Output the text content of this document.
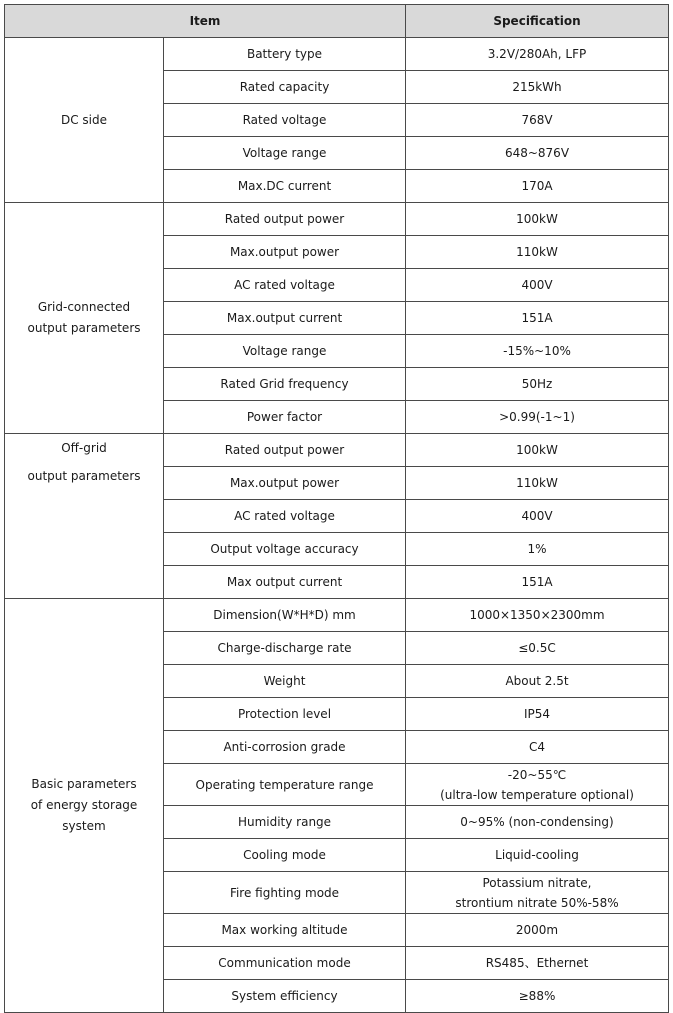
Item		Specification

DC side	Battery type	3.2V/280Ah, LFP
	Rated capacity	215kWh
	Rated voltage	768V
	Voltage range	648~876V
	Max.DC current	170A

Grid-connected
output parameters	Rated output power	100kW
	Max.output power	110kW
	AC rated voltage	400V
	Max.output current	151A
	Voltage range	-15%~10%
	Rated Grid frequency	50Hz
	Power factor	>0.99(-1~1)

Off-grid
output parameters	Rated output power	100kW
	Max.output power	110kW
	AC rated voltage	400V
	Output voltage accuracy	1%
	Max output current	151A

Basic parameters
of energy storage
system	Dimension(W*H*D) mm	1000×1350×2300mm
	Charge-discharge rate	≤0.5C
	Weight	About 2.5t
	Protection level	IP54
	Anti-corrosion grade	C4
	Operating temperature range	-20~55℃
(ultra-low temperature optional)

	Humidity range	0~95% (non-condensing)
	Cooling mode	Liquid-cooling
	Fire fighting mode	Potassium nitrate,
strontium nitrate 50%-58%

	Max working altitude	2000m
	Communication mode	RS485、Ethernet
	System efficiency	≥88%
